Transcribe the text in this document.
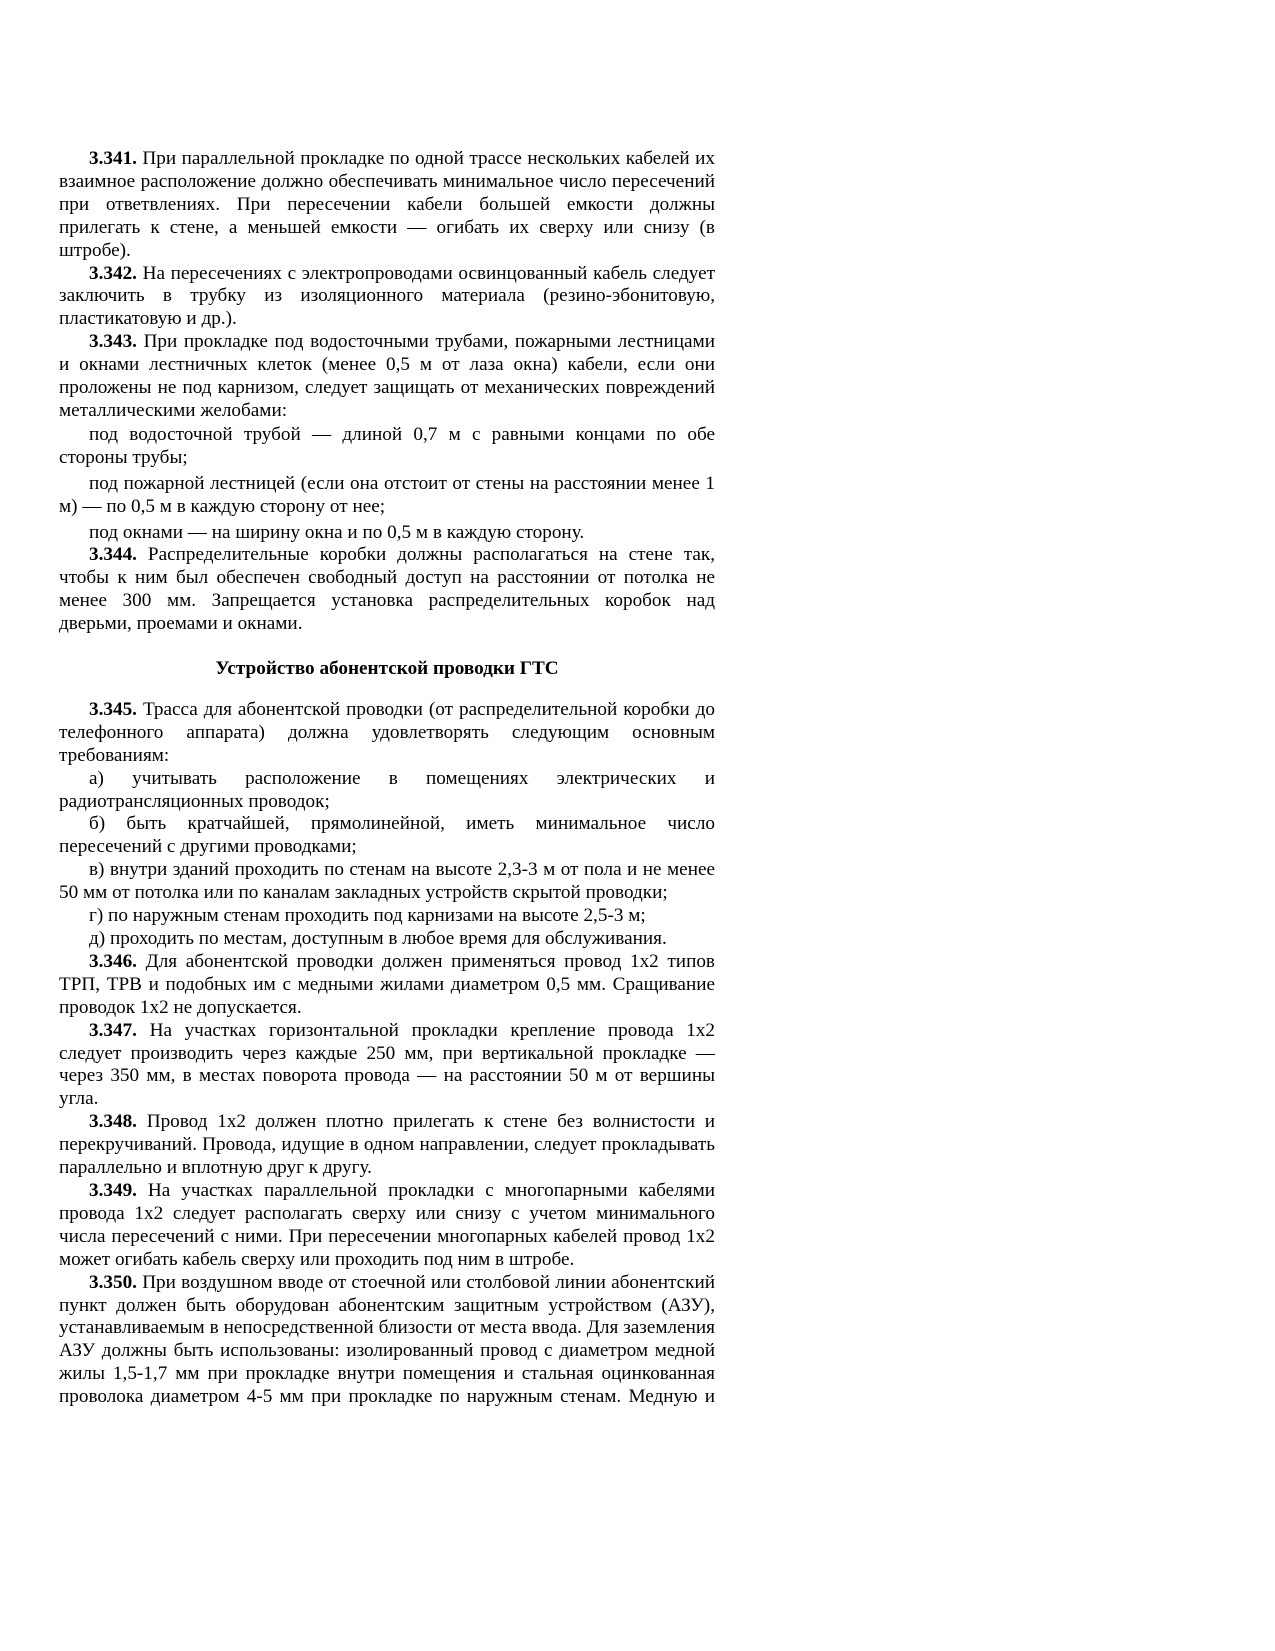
3.341. При параллельной прокладке по одной трассе нескольких кабелей их взаимное расположение должно обеспечивать минимальное число пересечений при ответвлениях. При пересечении кабели большей емкости должны прилегать к стене, а меньшей емкости — огибать их сверху или снизу (в штробе).

3.342. На пересечениях с электропроводами освинцованный кабель следует заключить в трубку из изоляционного материала (резино-эбонитовую, пластикатовую и др.).

3.343. При прокладке под водосточными трубами, пожарными лестницами и окнами лестничных клеток (менее 0,5 м от лаза окна) кабели, если они проложены не под карнизом, следует защищать от механических повреждений металлическими желобами:

под водосточной трубой — длиной 0,7 м с равными концами по обе стороны трубы;

под пожарной лестницей (если она отстоит от стены на расстоянии менее 1 м) — по 0,5 м в каждую сторону от нее;

под окнами — на ширину окна и по 0,5 м в каждую сторону.

3.344. Распределительные коробки должны располагаться на стене так, чтобы к ним был обеспечен свободный доступ на расстоянии от потолка не менее 300 мм. Запрещается установка распределительных коробок над дверьми, проемами и окнами.

Устройство абонентской проводки ГТС

3.345. Трасса для абонентской проводки (от распределительной коробки до телефонного аппарата) должна удовлетворять следующим основным требованиям:

а) учитывать расположение в помещениях электрических и радиотрансляционных проводок;

б) быть кратчайшей, прямолинейной, иметь минимальное число пересечений с другими проводками;

в) внутри зданий проходить по стенам на высоте 2,3-3 м от пола и не менее 50 мм от потолка или по каналам закладных устройств скрытой проводки;

г) по наружным стенам проходить под карнизами на высоте 2,5-3 м;

д) проходить по местам, доступным в любое время для обслуживания.

3.346. Для абонентской проводки должен применяться провод 1х2 типов ТРП, ТРВ и подобных им с медными жилами диаметром 0,5 мм. Сращивание проводок 1х2 не допускается.

3.347. На участках горизонтальной прокладки крепление провода 1х2 следует производить через каждые 250 мм, при вертикальной прокладке — через 350 мм, в местах поворота провода — на расстоянии 50 м от вершины угла.

3.348. Провод 1х2 должен плотно прилегать к стене без волнистости и перекручиваний. Провода, идущие в одном направлении, следует прокладывать параллельно и вплотную друг к другу.

3.349. На участках параллельной прокладки с многопарными кабелями провода 1х2 следует располагать сверху или снизу с учетом минимального числа пересечений с ними. При пересечении многопарных кабелей провод 1х2 может огибать кабель сверху или проходить под ним в штробе.

3.350. При воздушном вводе от стоечной или столбовой линии абонентский пункт должен быть оборудован абонентским защитным устройством (АЗУ), устанавливаемым в непосредственной близости от места ввода. Для заземления АЗУ должны быть использованы: изолированный провод с диаметром медной жилы 1,5-1,7 мм при прокладке внутри помещения и стальная оцинкованная проволока диаметром 4-5 мм при прокладке по наружным стенам. Медную и
